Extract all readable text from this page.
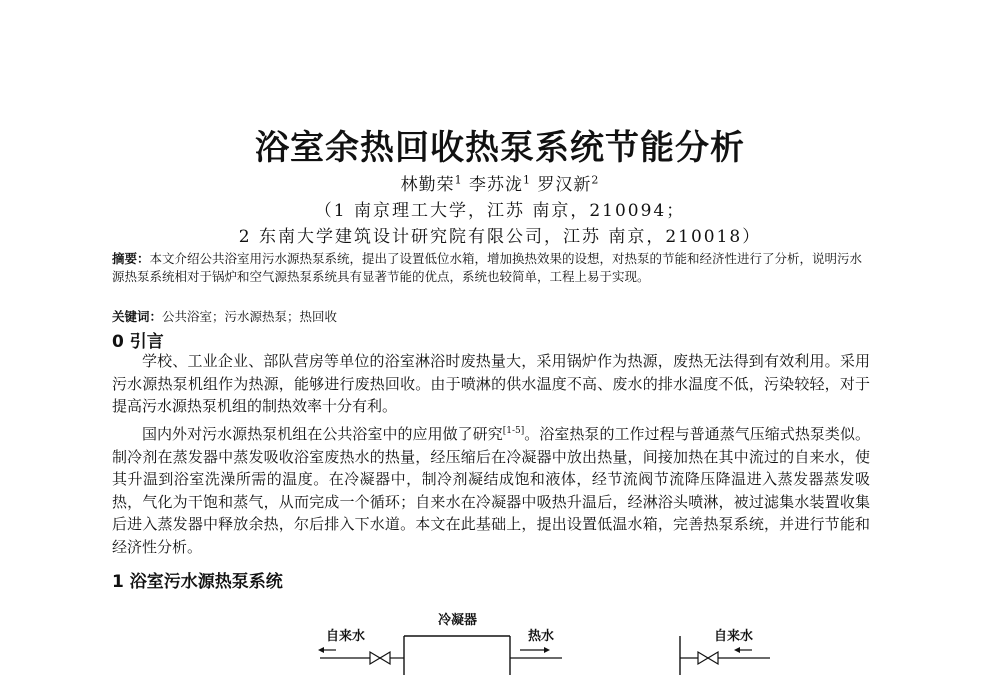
浴室余热回收热泵系统节能分析

林勤荣$^1$ 李苏泷$^1$ 罗汉新$^2$

（1 南京理工大学，江苏 南京，210094；

2 东南大学建筑设计研究院有限公司，江苏 南京，210018）

摘要：本文介绍公共浴室用污水源热泵系统，提出了设置低位水箱，增加换热效果的设想，对热泵的节能和经济性进行了分析，说明污水源热泵系统相对于锅炉和空气源热泵系统具有显著节能的优点，系统也较简单，工程上易于实现。

关键词：公共浴室；污水源热泵；热回收

0 引言

学校、工业企业、部队营房等单位的浴室淋浴时废热量大，采用锅炉作为热源，废热无法得到有效利用。采用污水源热泵机组作为热源，能够进行废热回收。由于喷淋的供水温度不高、废水的排水温度不低，污染较轻，对于提高污水源热泵机组的制热效率十分有利。

国内外对污水源热泵机组在公共浴室中的应用做了研究[1-5]。浴室热泵的工作过程与普通蒸气压缩式热泵类似。制冷剂在蒸发器中蒸发吸收浴室废热水的热量，经压缩后在冷凝器中放出热量，间接加热在其中流过的自来水，使其升温到浴室洗澡所需的温度。在冷凝器中，制冷剂凝结成饱和液体，经节流阀节流降压降温进入蒸发器蒸发吸热，气化为干饱和蒸气，从而完成一个循环；自来水在冷凝器中吸热升温后，经淋浴头喷淋，被过滤集水装置收集后进入蒸发器中释放余热，尔后排入下水道。本文在此基础上，提出设置低温水箱，完善热泵系统，并进行节能和经济性分析。

1 浴室污水源热泵系统
自来水
冷凝器
热水	自来水
